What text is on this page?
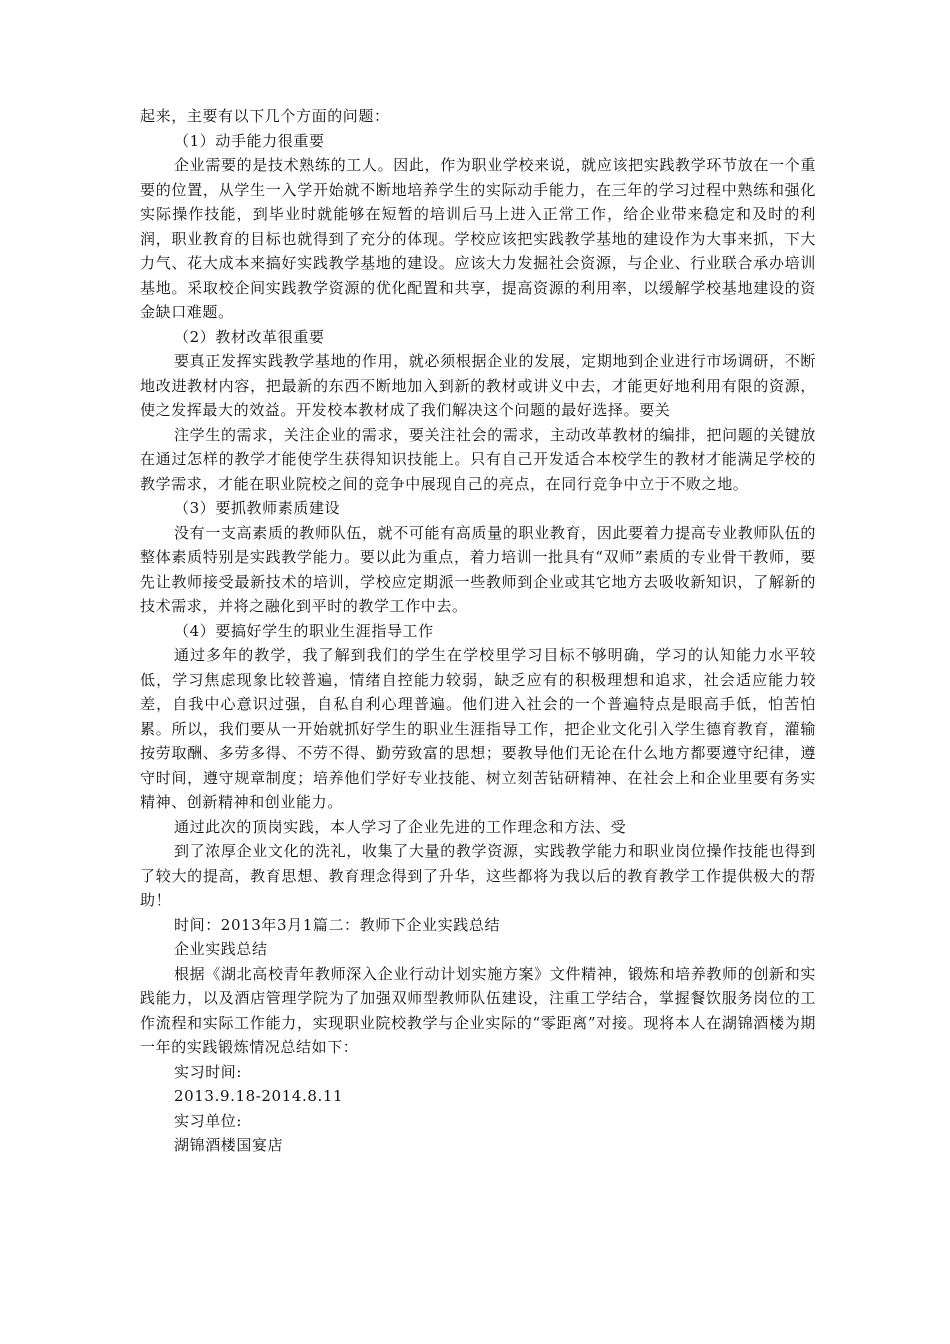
起来，主要有以下几个方面的问题：

（1）动手能力很重要

企业需要的是技术熟练的工人。因此，作为职业学校来说，就应该把实践教学环节放在一个重要的位置，从学生一入学开始就不断地培养学生的实际动手能力，在三年的学习过程中熟练和强化实际操作技能，到毕业时就能够在短暂的培训后马上进入正常工作，给企业带来稳定和及时的利润，职业教育的目标也就得到了充分的体现。学校应该把实践教学基地的建设作为大事来抓，下大力气、花大成本来搞好实践教学基地的建设。应该大力发掘社会资源，与企业、行业联合承办培训基地。采取校企间实践教学资源的优化配置和共享，提高资源的利用率，以缓解学校基地建设的资金缺口难题。

（2）教材改革很重要

要真正发挥实践教学基地的作用，就必须根据企业的发展，定期地到企业进行市场调研，不断地改进教材内容，把最新的东西不断地加入到新的教材或讲义中去，才能更好地利用有限的资源，使之发挥最大的效益。开发校本教材成了我们解决这个问题的最好选择。要关

注学生的需求，关注企业的需求，要关注社会的需求，主动改革教材的编排，把问题的关键放在通过怎样的教学才能使学生获得知识技能上。只有自己开发适合本校学生的教材才能满足学校的教学需求，才能在职业院校之间的竞争中展现自己的亮点，在同行竞争中立于不败之地。

（3）要抓教师素质建设

没有一支高素质的教师队伍，就不可能有高质量的职业教育，因此要着力提高专业教师队伍的整体素质特别是实践教学能力。要以此为重点，着力培训一批具有“双师”素质的专业骨干教师，要先让教师接受最新技术的培训，学校应定期派一些教师到企业或其它地方去吸收新知识，了解新的技术需求，并将之融化到平时的教学工作中去。

（4）要搞好学生的职业生涯指导工作

通过多年的教学，我了解到我们的学生在学校里学习目标不够明确，学习的认知能力水平较低，学习焦虑现象比较普遍，情绪自控能力较弱，缺乏应有的积极理想和追求，社会适应能力较差，自我中心意识过强，自私自利心理普遍。他们进入社会的一个普遍特点是眼高手低，怕苦怕累。所以，我们要从一开始就抓好学生的职业生涯指导工作，把企业文化引入学生德育教育，灌输按劳取酬、多劳多得、不劳不得、勤劳致富的思想；要教导他们无论在什么地方都要遵守纪律，遵守时间，遵守规章制度；培养他们学好专业技能、树立刻苦钻研精神、在社会上和企业里要有务实精神、创新精神和创业能力。

通过此次的顶岗实践，本人学习了企业先进的工作理念和方法、受

到了浓厚企业文化的洗礼，收集了大量的教学资源，实践教学能力和职业岗位操作技能也得到了较大的提高，教育思想、教育理念得到了升华，这些都将为我以后的教育教学工作提供极大的帮助！

时间：2013年3月1篇二：教师下企业实践总结

企业实践总结

根据《湖北高校青年教师深入企业行动计划实施方案》文件精神，锻炼和培养教师的创新和实践能力，以及酒店管理学院为了加强双师型教师队伍建设，注重工学结合，掌握餐饮服务岗位的工作流程和实际工作能力，实现职业院校教学与企业实际的“零距离”对接。现将本人在湖锦酒楼为期一年的实践锻炼情况总结如下：

实习时间:

2013.9.18-2014.8.11

实习单位:

湖锦酒楼国宴店
